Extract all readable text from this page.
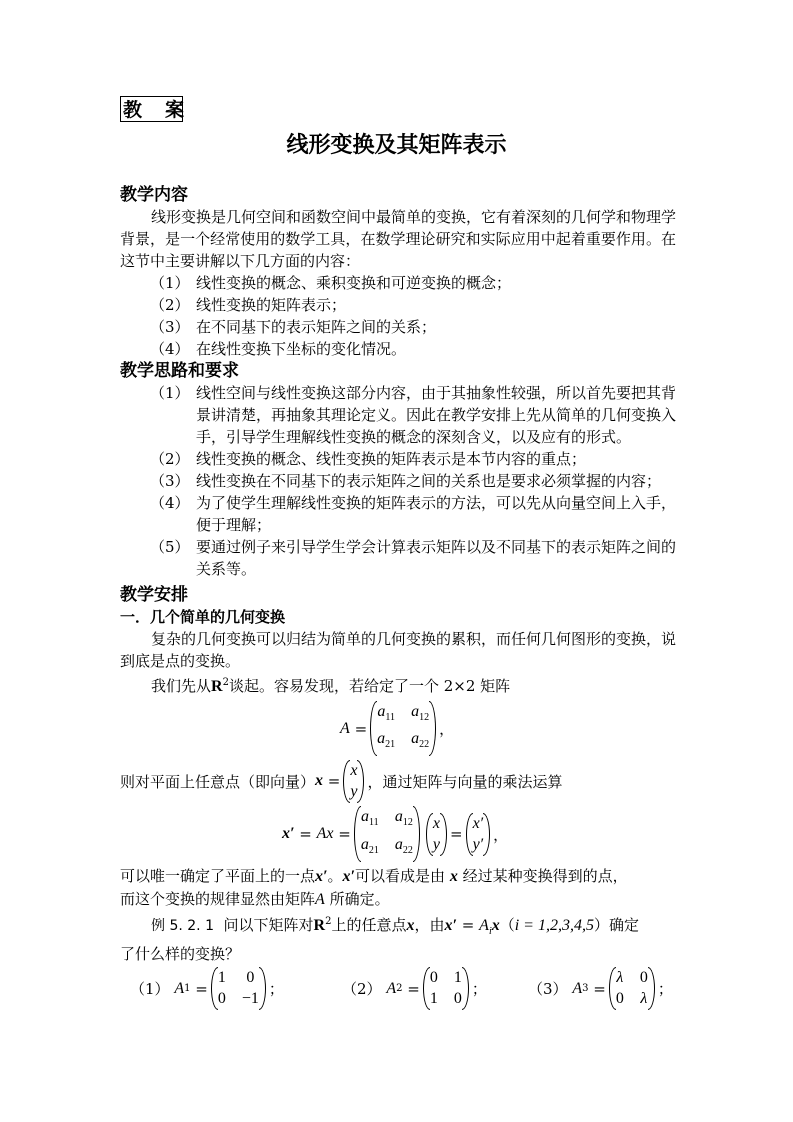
教　案
线形变换及其矩阵表示
教学内容
线形变换是几何空间和函数空间中最简单的变换，它有着深刻的几何学和物理学背景，是一个经常使用的数学工具，在数学理论研究和实际应用中起着重要作用。在这节中主要讲解以下几方面的内容：
（1） 线性变换的概念、乘积变换和可逆变换的概念；
（2） 线性变换的矩阵表示；
（3） 在不同基下的表示矩阵之间的关系；
（4） 在线性变换下坐标的变化情况。
教学思路和要求
（1） 线性空间与线性变换这部分内容，由于其抽象性较强，所以首先要把其背景讲清楚，再抽象其理论定义。因此在教学安排上先从简单的几何变换入手，引导学生理解线性变换的概念的深刻含义，以及应有的形式。
（2） 线性变换的概念、线性变换的矩阵表示是本节内容的重点；
（3） 线性变换在不同基下的表示矩阵之间的关系也是要求必须掌握的内容；
（4） 为了使学生理解线性变换的矩阵表示的方法，可以先从向量空间上入手，便于理解；
（5） 要通过例子来引导学生学会计算表示矩阵以及不同基下的表示矩阵之间的关系等。
教学安排
一．几个简单的几何变换
复杂的几何变换可以归结为简单的几何变换的累积，而任何几何图形的变换，说到底是点的变换。
我们先从$R^2$谈起。容易发现，若给定了一个 2×2 矩阵
A
=
$a_{11}$ $a_{12}$
$a_{21}$ $a_{22}$
，
则对平面上任意点（即向量） x
=
x
y
，通过矩阵与向量的乘法运算
x′
=
Ax
=
$a_{11}$ $a_{12}$
$a_{21}$ $a_{22}$
x
y
=
x′
y′
，
可以唯一确定了平面上的一点x′。x′可以看成是由 x 经过某种变换得到的点，
而这个变换的规律显然由矩阵A 所确定。
例 5. 2. 1 问以下矩阵对$R^2$上的任意点x，由$x' = A_ix(i = 1,2,3,4,5)$确定
了什么样的变换？
（1）
A 1
=
1 0
0 −1
；	（2）
A 2
=
0 1
1 0
；	（3）
A 3
=
λ 0
0 λ
；
